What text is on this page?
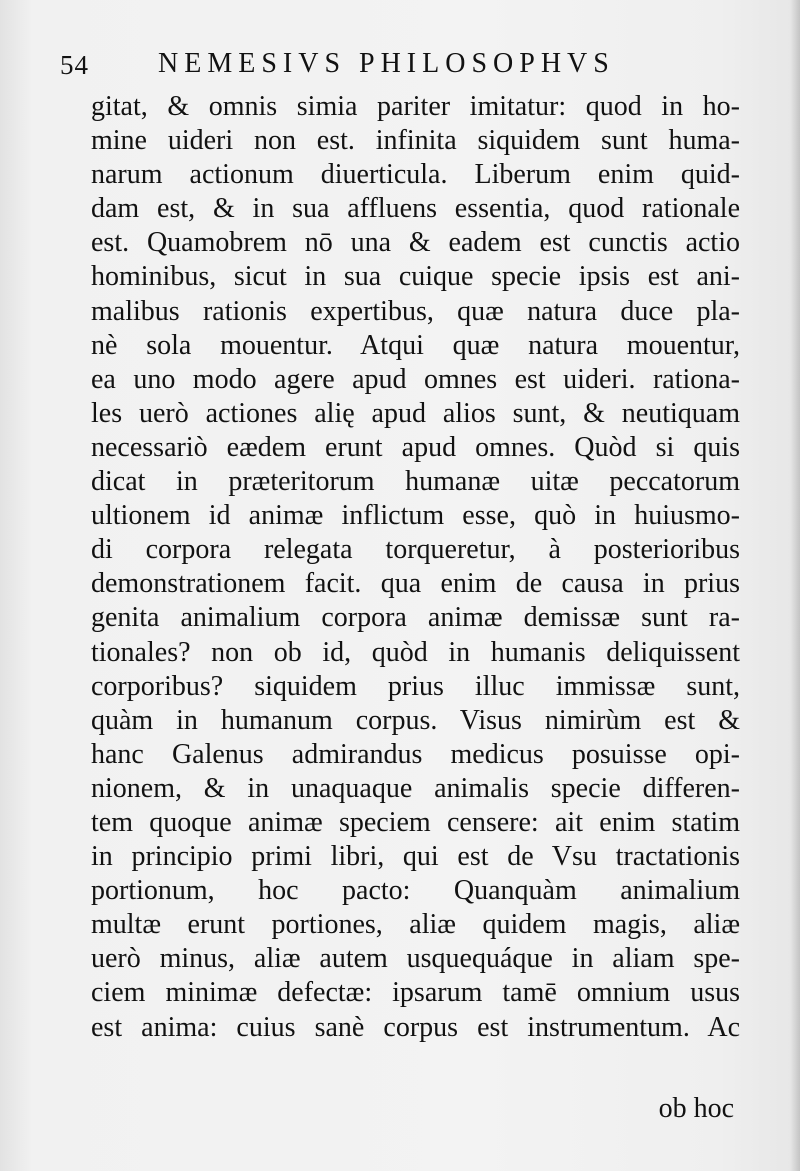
54 NEMESIVS PHILOSOPHVS
gitat, & omnis simia pariter imitatur: quod in ho-
mine uideri non est. infinita siquidem sunt huma-
narum actionum diuerticula. Liberum enim quid-
dam est, & in sua affluens essentia, quod rationale
est. Quamobrem nō una & eadem est cunctis actio
hominibus, sicut in sua cuique specie ipsis est ani-
malibus rationis expertibus, quæ natura duce pla-
nè sola mouentur. Atqui quæ natura mouentur,
ea uno modo agere apud omnes est uideri. rationa-
les uerò actiones alię apud alios sunt, & neutiquam
necessariò eædem erunt apud omnes. Quòd si quis
dicat in præteritorum humanæ uitæ peccatorum
ultionem id animæ inflictum esse, quò in huiusmo-
di corpora relegata torqueretur, à posterioribus
demonstrationem facit. qua enim de causa in prius
genita animalium corpora animæ demissæ sunt ra-
tionales? non ob id, quòd in humanis deliquissent
corporibus? siquidem prius illuc immissæ sunt,
quàm in humanum corpus. Visus nimirùm est &
hanc Galenus admirandus medicus posuisse opi-
nionem, & in unaquaque animalis specie differen-
tem quoque animæ speciem censere: ait enim statim
in principio primi libri, qui est de Vsu tractationis
portionum, hoc pacto: Quanquàm animalium
multæ erunt portiones, aliæ quidem magis, aliæ
uerò minus, aliæ autem usquequáque in aliam spe-
ciem minimæ defectæ: ipsarum tamē omnium usus
est anima: cuius sanè corpus est instrumentum. Ac
ob hoc
